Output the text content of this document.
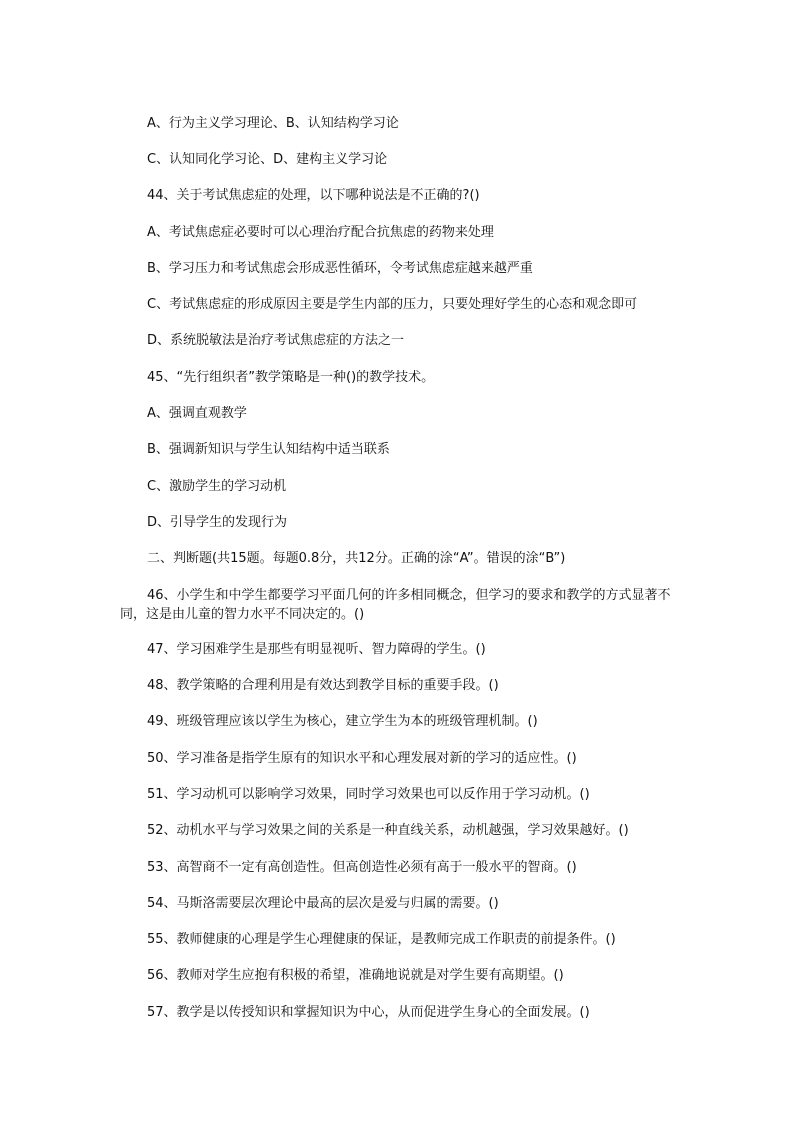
A、行为主义学习理论、B、认知结构学习论
C、认知同化学习论、D、建构主义学习论
44、关于考试焦虑症的处理，以下哪种说法是不正确的?()
A、考试焦虑症必要时可以心理治疗配合抗焦虑的药物来处理
B、学习压力和考试焦虑会形成恶性循环，令考试焦虑症越来越严重
C、考试焦虑症的形成原因主要是学生内部的压力，只要处理好学生的心态和观念即可
D、系统脱敏法是治疗考试焦虑症的方法之一
45、“先行组织者”教学策略是一种()的教学技术。
A、强调直观教学
B、强调新知识与学生认知结构中适当联系
C、激励学生的学习动机
D、引导学生的发现行为
二、判断题(共15题。每题0.8分，共12分。正确的涂“A”。错误的涂“B”)
46、小学生和中学生都要学习平面几何的许多相同概念，但学习的要求和教学的方式显著不同，这是由儿童的智力水平不同决定的。()
47、学习困难学生是那些有明显视听、智力障碍的学生。()
48、教学策略的合理利用是有效达到教学目标的重要手段。()
49、班级管理应该以学生为核心，建立学生为本的班级管理机制。()
50、学习准备是指学生原有的知识水平和心理发展对新的学习的适应性。()
51、学习动机可以影响学习效果，同时学习效果也可以反作用于学习动机。()
52、动机水平与学习效果之间的关系是一种直线关系，动机越强，学习效果越好。()
53、高智商不一定有高创造性。但高创造性必须有高于一般水平的智商。()
54、马斯洛需要层次理论中最高的层次是爱与归属的需要。()
55、教师健康的心理是学生心理健康的保证，是教师完成工作职责的前提条件。()
56、教师对学生应抱有积极的希望，准确地说就是对学生要有高期望。()
57、教学是以传授知识和掌握知识为中心，从而促进学生身心的全面发展。()
